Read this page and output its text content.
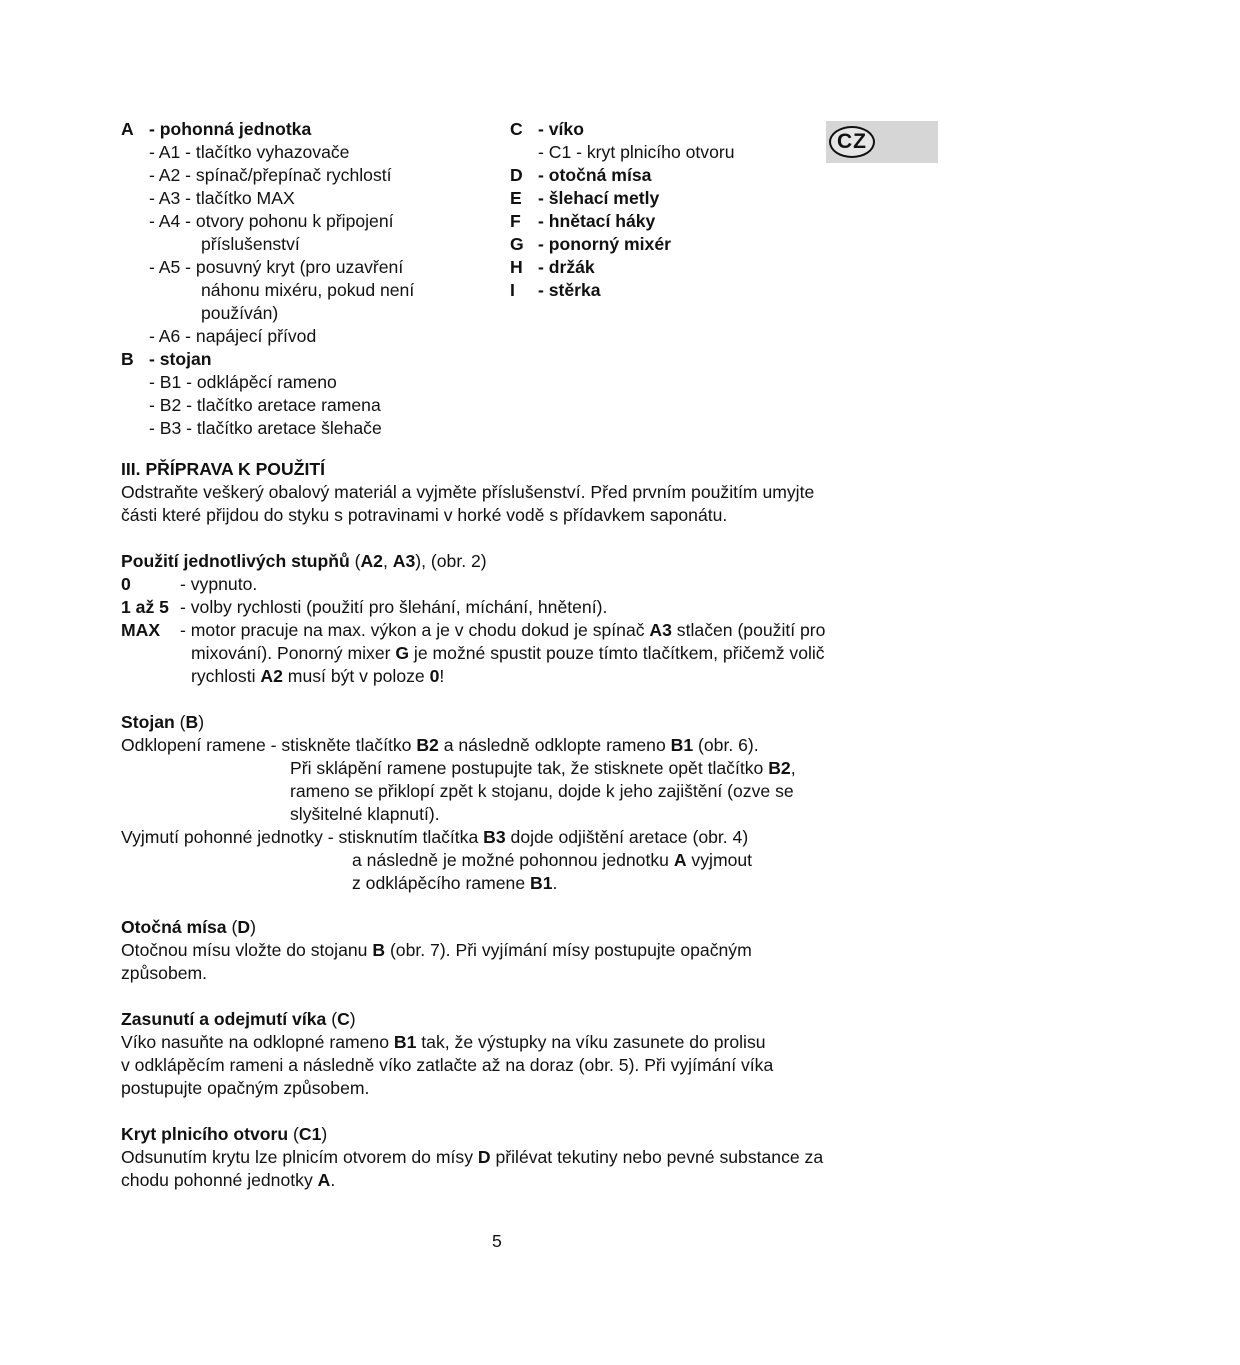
A - pohonná jednotka
- A1 - tlačítko vyhazovače
- A2 - spínač/přepínač rychlostí
- A3 - tlačítko MAX
- A4 - otvory pohonu k připojení
příslušenství
- A5 - posuvný kryt (pro uzavření
náhonu mixéru, pokud není
používán)
- A6 - napájecí přívod
B - stojan
- B1 - odklápěcí rameno
- B2 - tlačítko aretace ramena
- B3 - tlačítko aretace šlehače
C - víko
- C1 - kryt plnicího otvoru
D - otočná mísa
E - šlehací metly
F - hnětací háky
G - ponorný mixér
H - držák
I - stěrka
CZ
III. PŘÍPRAVA K POUŽITÍ
Odstraňte veškerý obalový materiál a vyjměte příslušenství. Před prvním použitím umyjte
části které přijdou do styku s potravinami v horké vodě s přídavkem saponátu.
Použití jednotlivých stupňů (A2, A3), (obr. 2)
0	- vypnuto.
1 až 5 - volby rychlosti (použití pro šlehání, míchání, hnětení).
MAX - motor pracuje na max. výkon a je v chodu dokud je spínač A3 stlačen (použití pro
mixování). Ponorný mixer G je možné spustit pouze tímto tlačítkem, přičemž volič
rychlosti A2 musí být v poloze 0!
Stojan (B)
Odklopení ramene - stiskněte tlačítko B2 a následně odklopte rameno B1 (obr. 6).
Při sklápění ramene postupujte tak, že stisknete opět tlačítko B2,
rameno se přiklopí zpět k stojanu, dojde k jeho zajištění (ozve se
slyšitelné klapnutí).
Vyjmutí pohonné jednotky - stisknutím tlačítka B3 dojde odjištění aretace (obr. 4)
a následně je možné pohonnou jednotku A vyjmout
z odklápěcího ramene B1.
Otočná mísa (D)
Otočnou mísu vložte do stojanu B (obr. 7). Při vyjímání mísy postupujte opačným
způsobem.
Zasunutí a odejmutí víka (C)
Víko nasuňte na odklopné rameno B1 tak, že výstupky na víku zasunete do prolisu
v odklápěcím rameni a následně víko zatlačte až na doraz (obr. 5). Při vyjímání víka
postupujte opačným způsobem.
Kryt plnicího otvoru (C1)
Odsunutím krytu lze plnicím otvorem do mísy D přilévat tekutiny nebo pevné substance za
chodu pohonné jednotky A.
5
